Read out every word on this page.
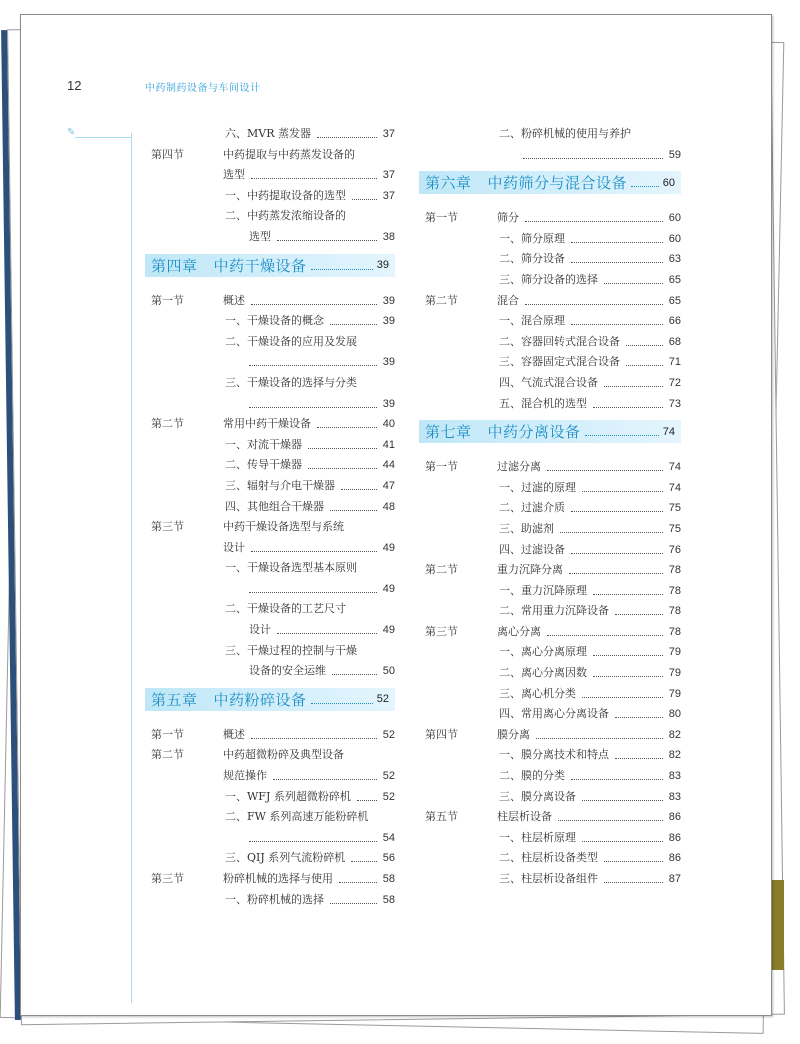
12	中药制药设备与车间设计
✎	六、MVR 蒸发器	37
第四节	中药提取与中药蒸发设备的
选型	37
一、中药提取设备的选型	37
二、中药蒸发浓缩设备的
选型	38
第四章 中药干燥设备	39
第一节	概述	39
一、干燥设备的概念	39
二、干燥设备的应用及发展
39
三、干燥设备的选择与分类
39
第二节	常用中药干燥设备	40
一、对流干燥器	41
二、传导干燥器	44
三、辐射与介电干燥器	47
四、其他组合干燥器	48
第三节	中药干燥设备选型与系统
设计	49
一、干燥设备选型基本原则
49
二、干燥设备的工艺尺寸
设计	49
三、干燥过程的控制与干燥
设备的安全运维	50
第五章 中药粉碎设备	52
第一节	概述	52
第二节	中药超微粉碎及典型设备
规范操作	52
一、WFJ 系列超微粉碎机	52
二、FW 系列高速万能粉碎机
54
三、QIJ 系列气流粉碎机	56
第三节	粉碎机械的选择与使用	58
一、粉碎机械的选择	58
二、粉碎机械的使用与养护
59
第六章 中药筛分与混合设备	60
第一节	筛分	60
一、筛分原理	60
二、筛分设备	63
三、筛分设备的选择	65
第二节	混合	65
一、混合原理	66
二、容器回转式混合设备	68
三、容器固定式混合设备	71
四、气流式混合设备	72
五、混合机的选型	73
第七章 中药分离设备	74
第一节	过滤分离	74
一、过滤的原理	74
二、过滤介质	75
三、助滤剂	75
四、过滤设备	76
第二节	重力沉降分离	78
一、重力沉降原理	78
二、常用重力沉降设备	78
第三节	离心分离	78
一、离心分离原理	79
二、离心分离因数	79
三、离心机分类	79
四、常用离心分离设备	80
第四节	膜分离	82
一、膜分离技术和特点	82
二、膜的分类	83
三、膜分离设备	83
第五节	柱层析设备	86
一、柱层析原理	86
二、柱层析设备类型	86
三、柱层析设备组件	87
